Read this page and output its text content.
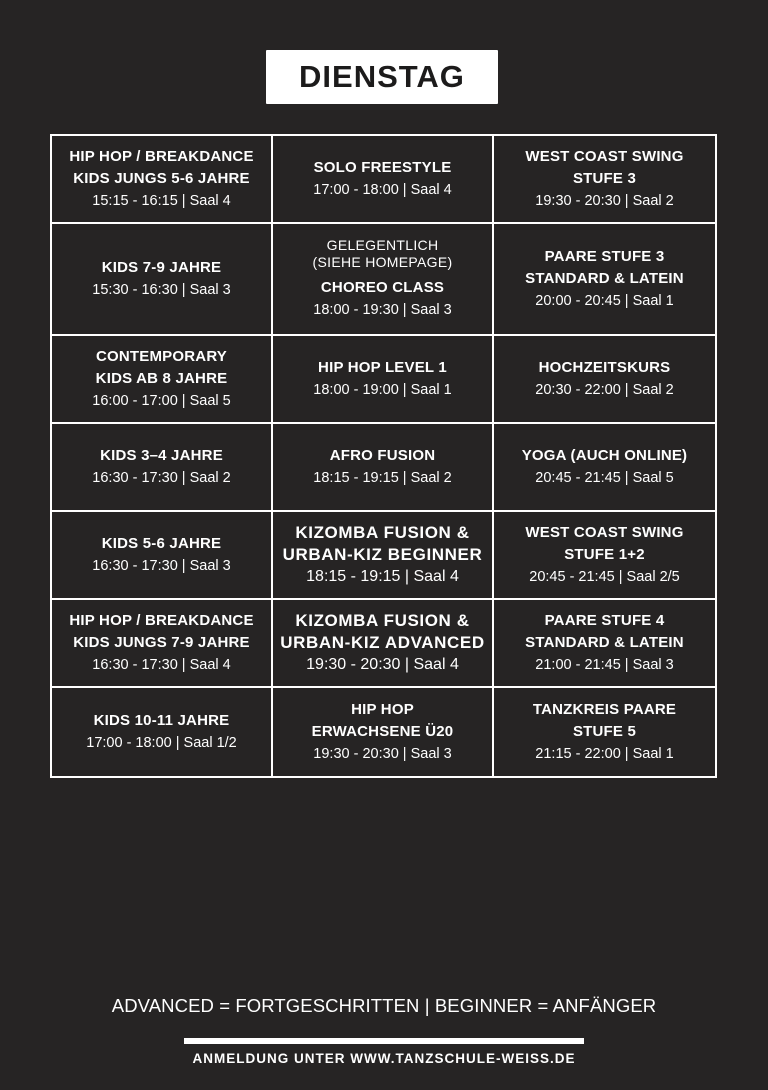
DIENSTAG
HIP HOP / BREAKDANCE
KIDS JUNGS 5-6 JAHRE
15:15 - 16:15 | Saal 4
SOLO FREESTYLE
17:00 - 18:00 | Saal 4
WEST COAST SWING
STUFE 3
19:30 - 20:30 | Saal 2
KIDS 7-9 JAHRE
15:30 - 16:30 | Saal 3
GELEGENTLICH
(SIEHE HOMEPAGE)
CHOREO CLASS
18:00 - 19:30 | Saal 3
PAARE STUFE 3
STANDARD & LATEIN
20:00 - 20:45 | Saal 1
CONTEMPORARY
KIDS AB 8 JAHRE
16:00 - 17:00 | Saal 5
HIP HOP LEVEL 1
18:00 - 19:00 | Saal 1
HOCHZEITSKURS
20:30 - 22:00 | Saal 2
KIDS 3–4 JAHRE
16:30 - 17:30 | Saal 2
AFRO FUSION
18:15 - 19:15 | Saal 2
YOGA (AUCH ONLINE)
20:45 - 21:45 | Saal 5
KIDS 5-6 JAHRE
16:30 - 17:30 | Saal 3
KIZOMBA FUSION &
URBAN-KIZ BEGINNER
18:15 - 19:15 | Saal 4
WEST COAST SWING
STUFE 1+2
20:45 - 21:45 | Saal 2/5
HIP HOP / BREAKDANCE
KIDS JUNGS 7-9 JAHRE
16:30 - 17:30 | Saal 4
KIZOMBA FUSION &
URBAN-KIZ ADVANCED
19:30 - 20:30 | Saal 4
PAARE STUFE 4
STANDARD & LATEIN
21:00 - 21:45 | Saal 3
KIDS 10-11 JAHRE
17:00 - 18:00 | Saal 1/2
HIP HOP
ERWACHSENE Ü20
19:30 - 20:30 | Saal 3
TANZKREIS PAARE
STUFE 5
21:15 - 22:00 | Saal 1
ADVANCED = FORTGESCHRITTEN | BEGINNER = ANFÄNGER
ANMELDUNG UNTER WWW.TANZSCHULE-WEISS.DE
